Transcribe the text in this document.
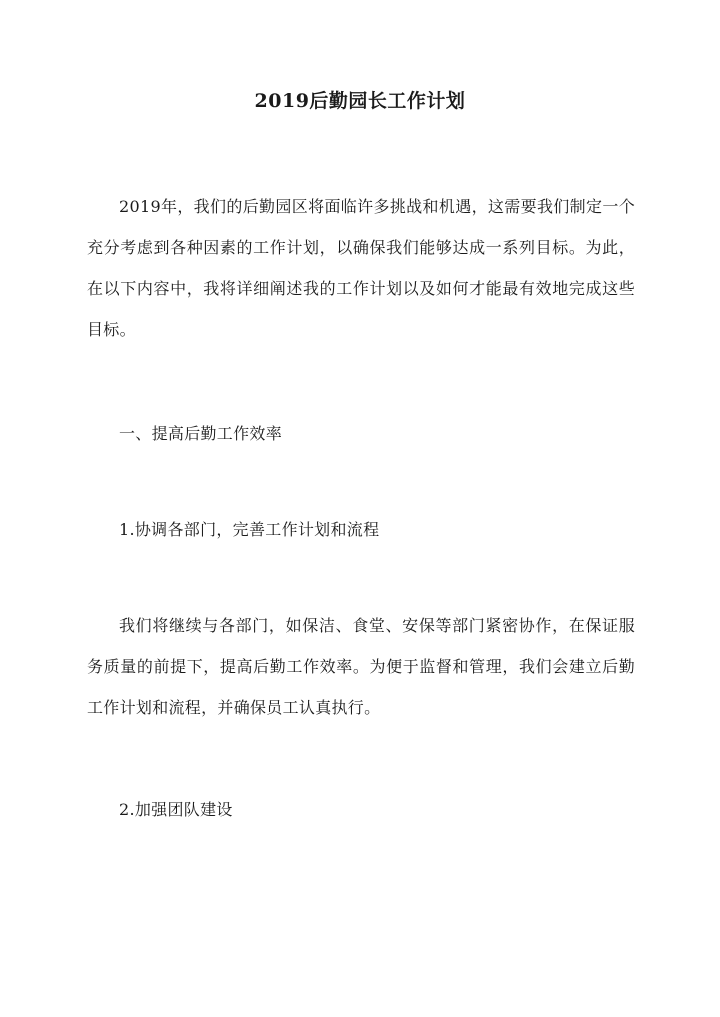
2019后勤园长工作计划

2019年，我们的后勤园区将面临许多挑战和机遇，这需要我们制定一个充分考虑到各种因素的工作计划，以确保我们能够达成一系列目标。为此，在以下内容中，我将详细阐述我的工作计划以及如何才能最有效地完成这些目标。

一、提高后勤工作效率

1.协调各部门，完善工作计划和流程

我们将继续与各部门，如保洁、食堂、安保等部门紧密协作，在保证服务质量的前提下，提高后勤工作效率。为便于监督和管理，我们会建立后勤工作计划和流程，并确保员工认真执行。

2.加强团队建设
